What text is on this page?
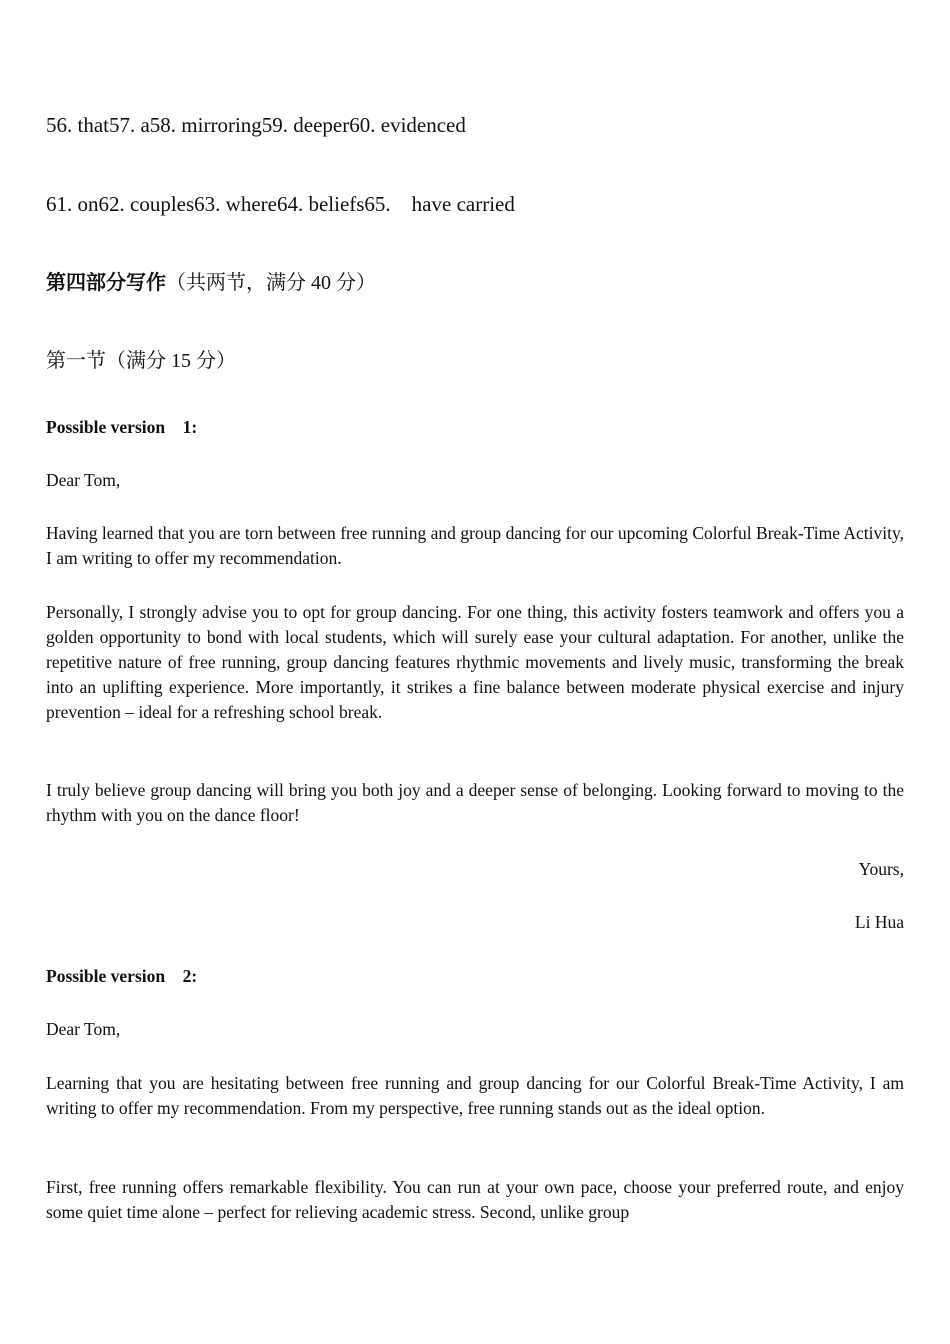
56. that57. a58. mirroring59. deeper60. evidenced
61. on62. couples63. where64. beliefs65.    have carried
第四部分写作（共两节，满分 40 分）
第一节（满分 15 分）
Possible version    1:
Dear Tom,
Having learned that you are torn between free running and group dancing for our upcoming Colorful Break-Time Activity, I am writing to offer my recommendation.
Personally, I strongly advise you to opt for group dancing. For one thing, this activity fosters teamwork and offers you a golden opportunity to bond with local students, which will surely ease your cultural adaptation. For another, unlike the repetitive nature of free running, group dancing features rhythmic movements and lively music, transforming the break into an uplifting experience. More importantly, it strikes a fine balance between moderate physical exercise and injury prevention – ideal for a refreshing school break.
I truly believe group dancing will bring you both joy and a deeper sense of belonging. Looking forward to moving to the rhythm with you on the dance floor!
Yours,
Li Hua
Possible version    2:
Dear Tom,
Learning that you are hesitating between free running and group dancing for our Colorful Break-Time Activity, I am writing to offer my recommendation. From my perspective, free running stands out as the ideal option.
First, free running offers remarkable flexibility. You can run at your own pace, choose your preferred route, and enjoy some quiet time alone – perfect for relieving academic stress. Second, unlike group
